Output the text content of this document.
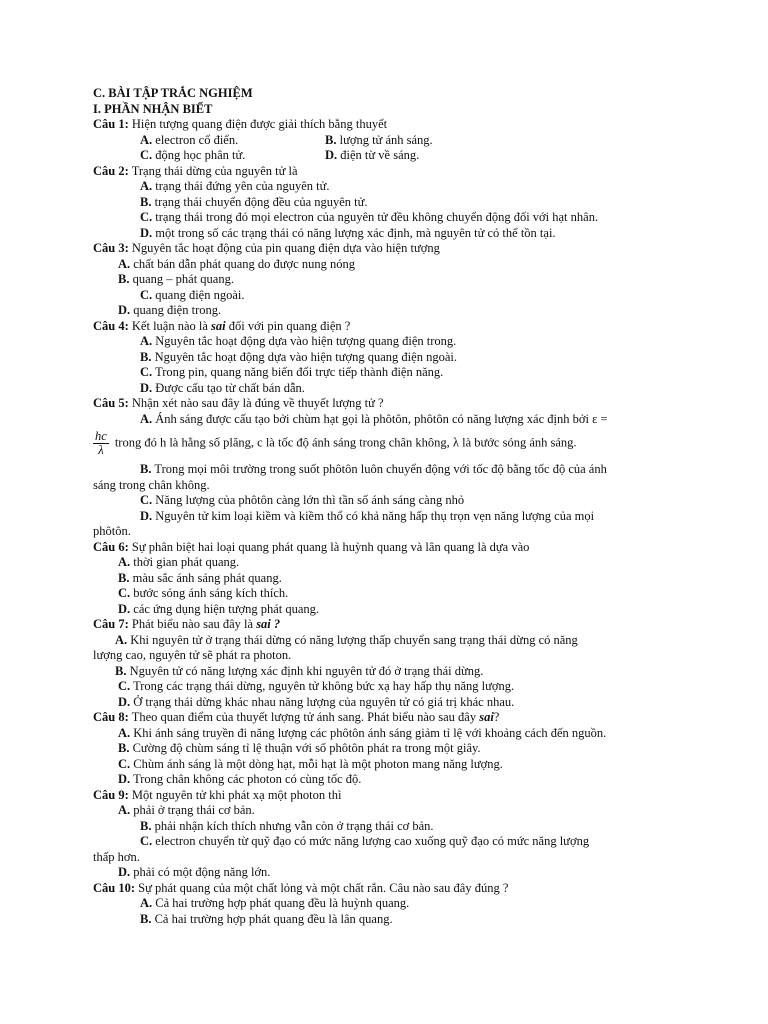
C. BÀI TẬP TRẮC NGHIỆM
I. PHẦN NHẬN BIẾT
Câu 1: Hiện tượng quang điện được giải thích bằng thuyết
A. electron cổ điển.	B. lượng tử ánh sáng.
C. động học phân tử.	D. điện từ về sáng.
Câu 2: Trạng thái dừng của nguyên tử là
A. trạng thái đứng yên của nguyên tử.
B. trạng thái chuyển động đều của nguyên tử.
C. trạng thái trong đó mọi electron của nguyên tử đều không chuyển động đối với hạt nhân.
D. một trong số các trạng thái có năng lượng xác định, mà nguyên tử có thể tồn tại.
Câu 3: Nguyên tắc hoạt động của pin quang điện dựa vào hiện tượng
A. chất bán dẫn phát quang do được nung nóng
B. quang – phát quang.
C. quang điện ngoài.
D. quang điện trong.
Câu 4: Kết luận nào là sai đối với pin quang điện ?
A. Nguyên tắc hoạt động dựa vào hiện tượng quang điện trong.
B. Nguyên tắc hoạt động dựa vào hiện tượng quang điện ngoài.
C. Trong pin, quang năng biến đổi trực tiếp thành điện năng.
D. Được cấu tạo từ chất bán dẫn.
Câu 5: Nhận xét nào sau đây là đúng về thuyết lượng tử ?
A. Ánh sáng được cấu tạo bởi chùm hạt gọi là phôtôn, phôtôn có năng lượng xác định bởi ε =
$\frac{hc}{\lambda}$ trong đó h là hằng số plăng, c là tốc độ ánh sáng trong chân không, λ là bước sóng ánh sáng.
B. Trong mọi môi trường trong suốt phôtôn luôn chuyển động với tốc độ bằng tốc độ của ánh
sáng trong chân không.
C. Năng lượng của phôtôn càng lớn thì tần số ánh sáng càng nhỏ
D. Nguyên tử kim loại kiềm và kiềm thổ có khả năng hấp thụ trọn vẹn năng lượng của mọi
phôtôn.
Câu 6: Sự phân biệt hai loại quang phát quang là huỳnh quang và lân quang là dựa vào
A. thời gian phát quang.
B. màu sắc ánh sáng phát quang.
C. bước sóng ánh sáng kích thích.
D. các ứng dụng hiện tượng phát quang.
Câu 7: Phát biểu nào sau đây là sai ?
A. Khi nguyên tử ở trạng thái dừng có năng lượng thấp chuyển sang trạng thái dừng có năng
lượng cao, nguyên tử sẽ phát ra photon.
B. Nguyên tử có năng lượng xác định khi nguyên tử đó ở trạng thái dừng.
C. Trong các trạng thái dừng, nguyên tử không bức xạ hay hấp thụ năng lượng.
D. Ở trạng thái dừng khác nhau năng lượng của nguyên tử có giá trị khác nhau.
Câu 8: Theo quan điểm của thuyết lượng tử ánh sang. Phát biểu nào sau đây sai?
A. Khi ánh sáng truyền đi năng lượng các phôtôn ánh sáng giảm tỉ lệ với khoảng cách đến nguồn.
B. Cường độ chùm sáng tỉ lệ thuận với số phôtôn phát ra trong một giây.
C. Chùm ánh sáng là một dòng hạt, mỗi hạt là một photon mang năng lượng.
D. Trong chân không các photon có cùng tốc độ.
Câu 9: Một nguyên tử khi phát xạ một photon thì
A. phải ở trạng thái cơ bản.
B. phải nhận kích thích nhưng vẫn còn ở trạng thái cơ bản.
C. electron chuyển từ quỹ đạo có mức năng lượng cao xuống quỹ đạo có mức năng lượng
thấp hơn.
D. phải có một động năng lớn.
Câu 10: Sự phát quang của một chất lỏng và một chất rắn. Câu nào sau đây đúng ?
A. Cả hai trường hợp phát quang đều là huỳnh quang.
B. Cả hai trường hợp phát quang đều là lân quang.
